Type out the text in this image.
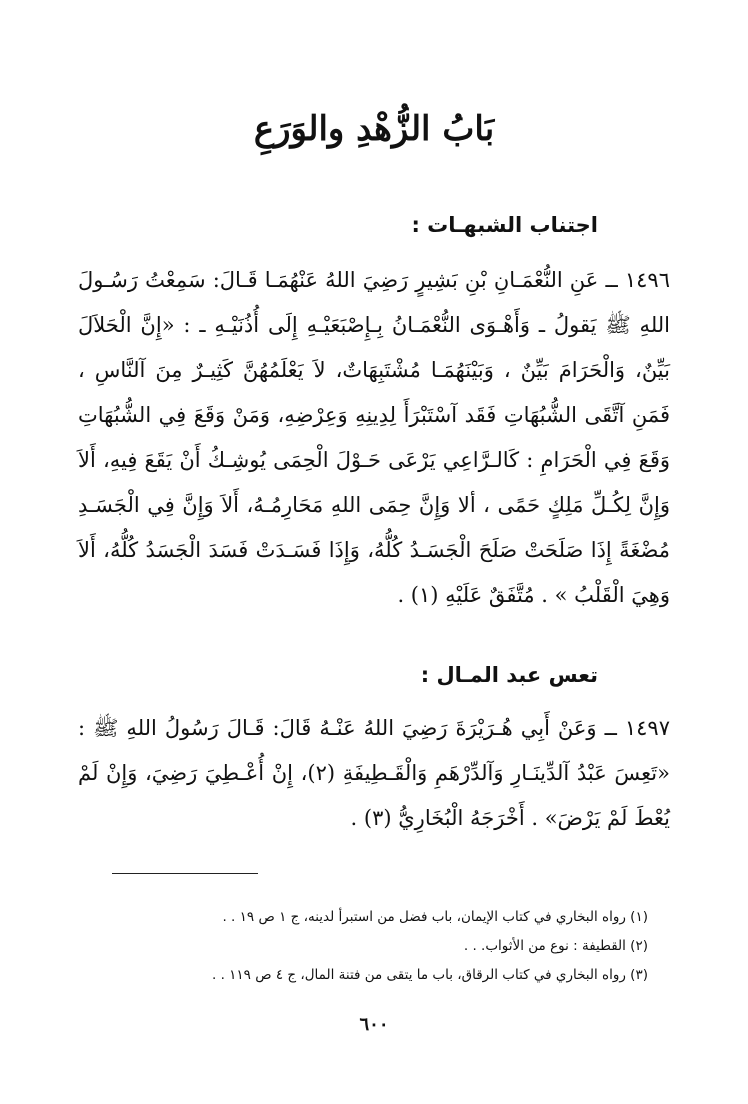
بَابُ الزُّهْدِ والوَرَعِ
اجتناب الشبهـات :

١٤٩٦ ــ عَنِ النُّعْمَـانِ بْنِ بَشِيرٍ رَضِيَ اللهُ عَنْهُمَـا قَـالَ: سَمِعْتُ رَسُـولَ اللهِ ﷺ يَقولُ ـ وَأَهْـوَى النُّعْمَـانُ بِـإِصْبَعَيْـهِ إِلَى أُذُنَيْـهِ ـ : «إِنَّ الْحَلاَلَ بَيِّنٌ، وَالْحَرَامَ بَيِّنٌ ، وَبَيْنَهُمَـا مُشْتَبِهَاتٌ، لاَ يَعْلَمُهُنَّ كَثِيـرٌ مِنَ آلنَّاسِ ، فَمَنِ آتَّقَى الشُّبُهَاتِ فَقَد آسْتَبْرَأَ لِدِينِهِ وَعِرْضِهِ، وَمَنْ وَقَعَ فِي الشُّبُهَاتِ وَقَعَ فِي الْحَرَامِ : كَالـرَّاعِي يَرْعَى حَـوْلَ الْحِمَى يُوشِـكُ أَنْ يَقَعَ فِيهِ، أَلاَ وَإِنَّ لِكُـلِّ مَلِكٍ حَمًى ، ألا وَإِنَّ حِمَى اللهِ مَحَارِمُـهُ، أَلاَ وَإِنَّ فِي الْجَسَـدِ مُضْغَةً إِذَا صَلَحَتْ صَلَحَ الْجَسَـدُ كُلُّهُ، وَإِذَا فَسَـدَتْ فَسَدَ الْجَسَدُ كُلُّهُ، أَلاَ وَهِيَ الْقَلْبُ » . مُتَّفَقٌ عَلَيْهِ (١) .

تعس عبد المـال :

١٤٩٧ ــ وَعَنْ أَبِي هُـرَيْرَةَ رَضِيَ اللهُ عَنْـهُ قَالَ: قَـالَ رَسُولُ اللهِ ﷺ : «تَعِسَ عَبْدُ آلدِّينَـارِ وَآلدِّرْهَمِ وَالْقَـطِيفَةِ (٢)، إِنْ أُعْـطِيَ رَضِيَ، وَإِنْ لَمْ يُعْطَ لَمْ يَرْضَ» . أَخْرَجَهُ الْبُخَارِيُّ (٣) .

(١) رواه البخاري في كتاب الإيمان، باب فضل من استبرأ لدينه، ج ١ ص ١٩ . .
(٢) القطيفة : نوع من الأثواب. . .
(٣) رواه البخاري في كتاب الرقاق، باب ما يتقى من فتنة المال، ج ٤ ص ١١٩ . .
٦٠٠
